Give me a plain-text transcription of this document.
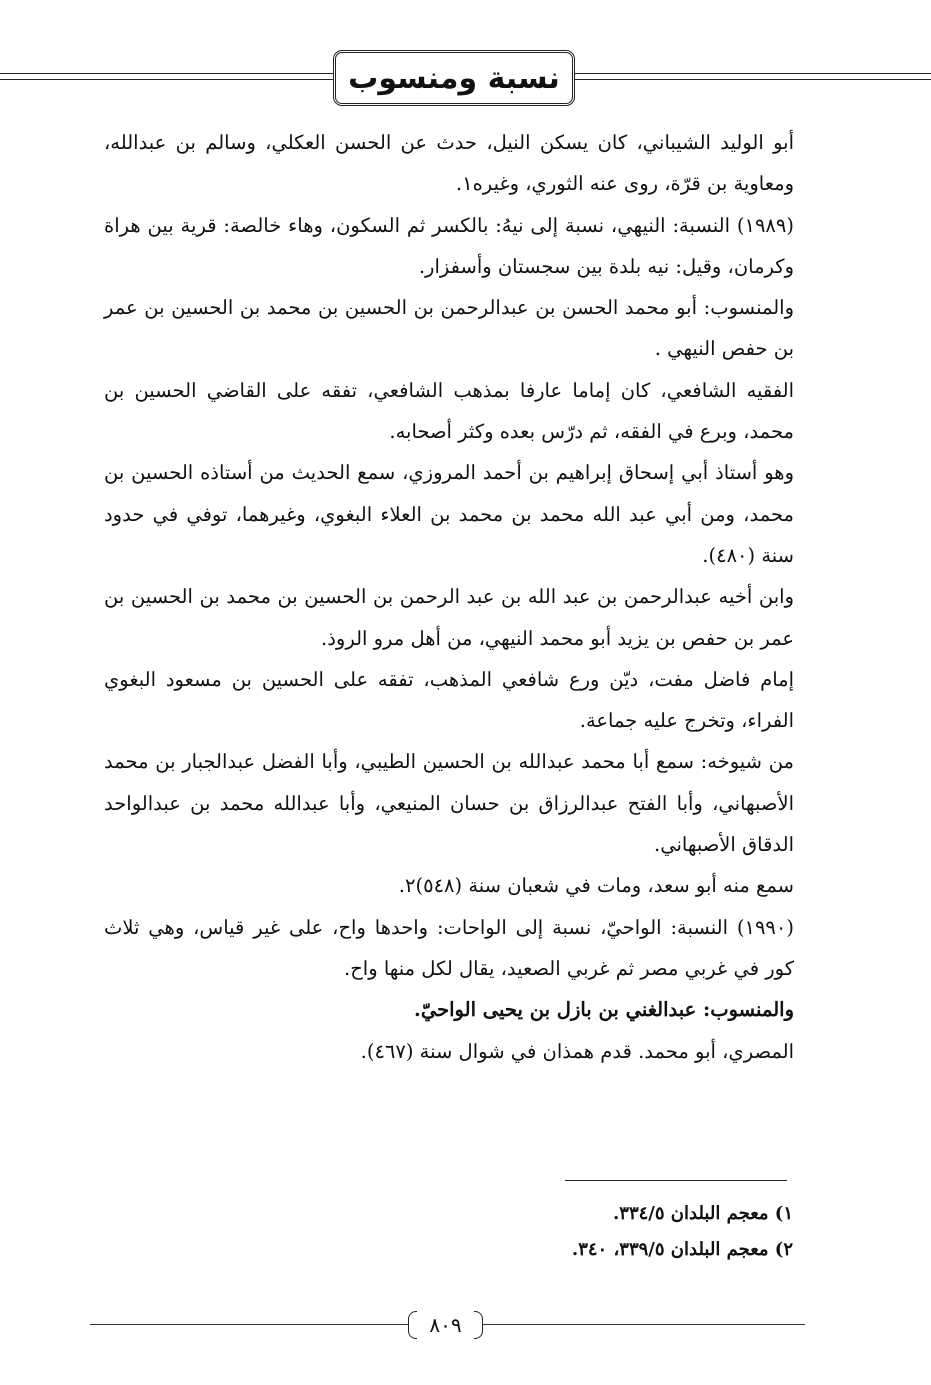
نسبة ومنسوب

أبو الوليد الشيباني، كان يسكن النيل، حدث عن الحسن العكلي، وسالم بن عبدالله، ومعاوية بن قرّة، روى عنه الثوري، وغيره١.

(١٩٨٩) النسبة: النيهي، نسبة إلى نيهُ: بالكسر ثم السكون، وهاء خالصة: قرية بين هراة وكرمان، وقيل: نيه بلدة بين سجستان وأسفزار.

والمنسوب: أبو محمد الحسن بن عبدالرحمن بن الحسين بن محمد بن الحسين بن عمر بن حفص النيهي .

الفقيه الشافعي، كان إماما عارفا بمذهب الشافعي، تفقه على القاضي الحسين بن محمد، وبرع في الفقه، ثم درّس بعده وكثر أصحابه.

وهو أستاذ أبي إسحاق إبراهيم بن أحمد المروزي، سمع الحديث من أستاذه الحسين بن محمد، ومن أبي عبد الله محمد بن محمد بن العلاء البغوي، وغيرهما، توفي في حدود سنة (٤٨٠).

وابن أخيه عبدالرحمن بن عبد الله بن عبد الرحمن بن الحسين بن محمد بن الحسين بن عمر بن حفص بن يزيد أبو محمد النيهي، من أهل مرو الروذ.

إمام فاضل مفت، ديّن ورع شافعي المذهب، تفقه على الحسين بن مسعود البغوي الفراء، وتخرج عليه جماعة.

من شيوخه: سمع أبا محمد عبدالله بن الحسين الطيبي، وأبا الفضل عبدالجبار بن محمد الأصبهاني، وأبا الفتح عبدالرزاق بن حسان المنيعي، وأبا عبدالله محمد بن عبدالواحد الدقاق الأصبهاني.

سمع منه أبو سعد، ومات في شعبان سنة (٥٤٨)٢.

(١٩٩٠) النسبة: الواحيّ، نسبة إلى الواحات: واحدها واح، على غير قياس، وهي ثلاث كور في غربي مصر ثم غربي الصعيد، يقال لكل منها واح.

والمنسوب: عبدالغني بن بازل بن يحيى الواحيّ.

المصري، أبو محمد. قدم همذان في شوال سنة (٤٦٧).

١) معجم البلدان ٣٣٤/٥.

٢) معجم البلدان ٣٣٩/٥، ٣٤٠.

٨٠٩
